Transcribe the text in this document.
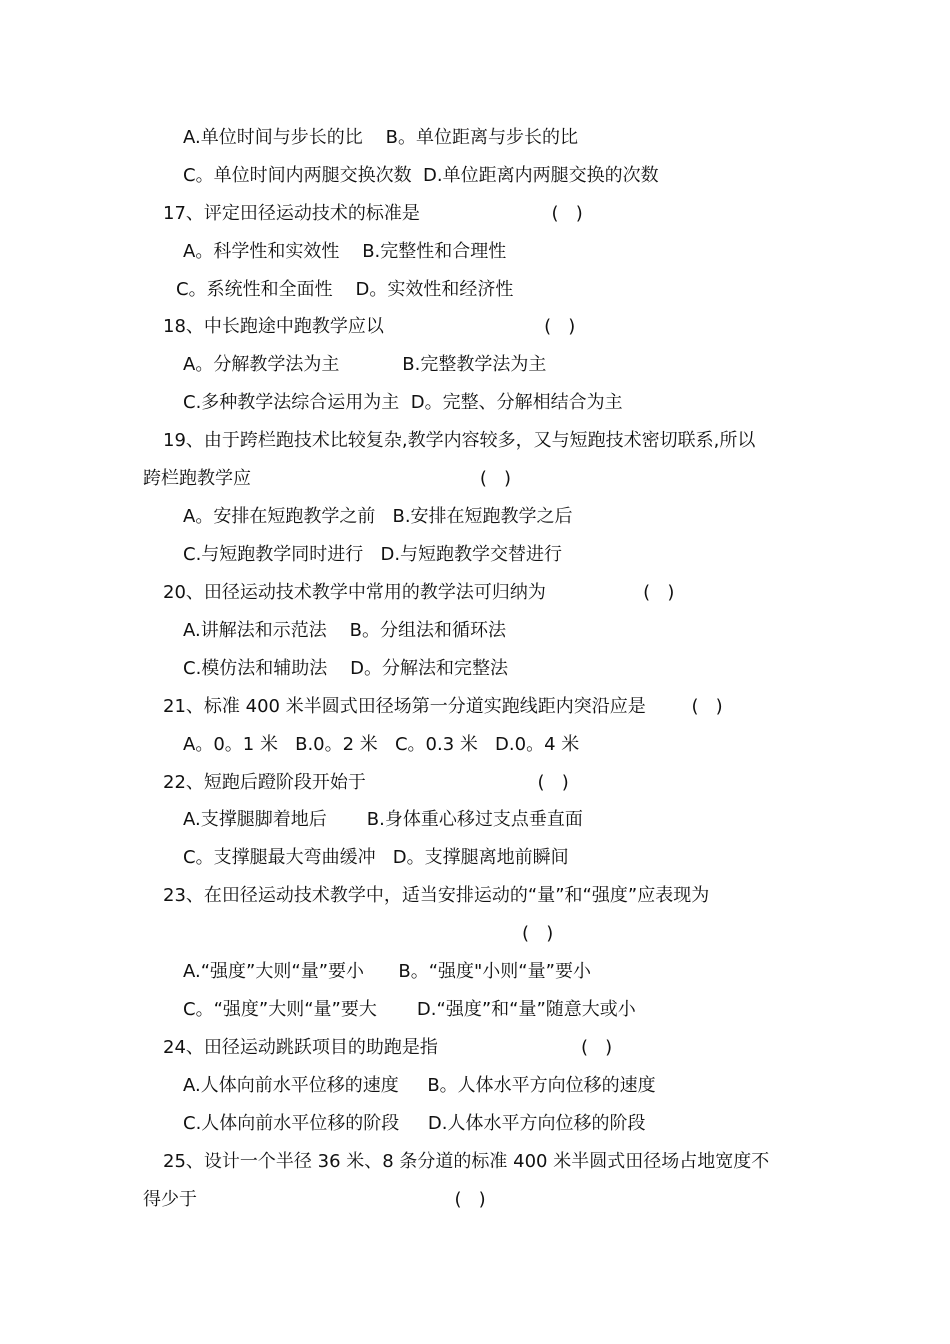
A.单位时间与步长的比    B。单位距离与步长的比
C。单位时间内两腿交换次数  D.单位距离内两腿交换的次数
17、评定田径运动技术的标准是                       (   )
A。科学性和实效性    B.完整性和合理性
C。系统性和全面性    D。实效性和经济性
18、中长跑途中跑教学应以                            (   )
A。分解教学法为主           B.完整教学法为主
C.多种教学法综合运用为主  D。完整、分解相结合为主
19、由于跨栏跑技术比较复杂,教学内容较多，又与短跑技术密切联系,所以
跨栏跑教学应                                        (   )
A。安排在短跑教学之前   B.安排在短跑教学之后
C.与短跑教学同时进行   D.与短跑教学交替进行
20、田径运动技术教学中常用的教学法可归纳为                 (   )
A.讲解法和示范法    B。分组法和循环法
C.模仿法和辅助法    D。分解法和完整法
21、标准 400 米半圆式田径场第一分道实跑线距内突沿应是        (   )
A。0。1 米   B.0。2 米   C。0.3 米   D.0。4 米
22、短跑后蹬阶段开始于                              (   )
A.支撑腿脚着地后       B.身体重心移过支点垂直面
C。支撑腿最大弯曲缓冲   D。支撑腿离地前瞬间
23、在田径运动技术教学中，适当安排运动的“量”和“强度”应表现为
(   )
A.“强度”大则“量”要小      B。“强度"小则“量”要小
C。“强度”大则“量”要大       D.“强度”和“量”随意大或小
24、田径运动跳跃项目的助跑是指                         (   )
A.人体向前水平位移的速度     B。人体水平方向位移的速度
C.人体向前水平位移的阶段     D.人体水平方向位移的阶段
25、设计一个半径 36 米、8 条分道的标准 400 米半圆式田径场占地宽度不
得少于                                             (   )
